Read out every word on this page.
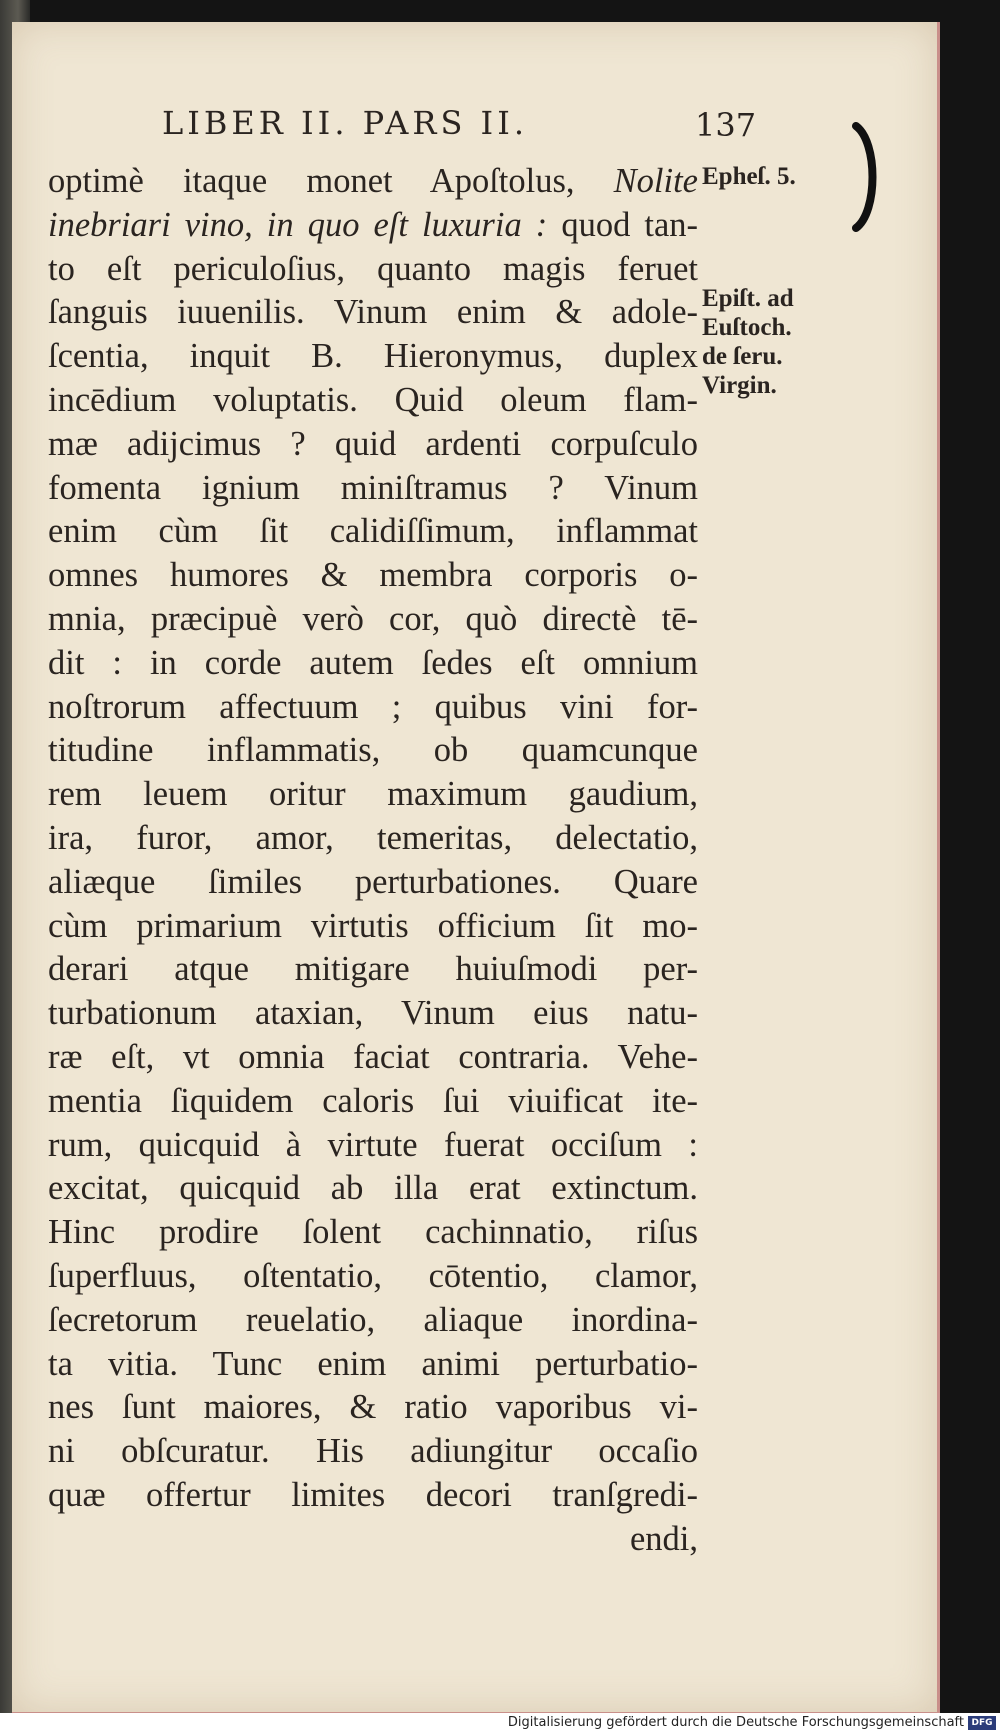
LIBER II. PARS II.	137
optimè itaque monet Apoſtolus, Nolite
inebriari vino, in quo eſt luxuria : quod tan-
to eſt periculoſius, quanto magis feruet
ſanguis iuuenilis. Vinum enim & adole-
ſcentia, inquit B. Hieronymus, duplex
incēdium voluptatis. Quid oleum flam-
mæ adijcimus ? quid ardenti corpuſculo
fomenta ignium miniſtramus ? Vinum
enim cùm ſit calidiſſimum, inflammat
omnes humores & membra corporis o-
mnia, præcipuè verò cor, quò directè tē-
dit : in corde autem ſedes eſt omnium
noſtrorum affectuum ; quibus vini for-
titudine inflammatis, ob quamcunque
rem leuem oritur maximum gaudium,
ira, furor, amor, temeritas, delectatio,
aliæque ſimiles perturbationes. Quare
cùm primarium virtutis officium ſit mo-
derari atque mitigare huiuſmodi per-
turbationum ataxian, Vinum eius natu-
ræ eſt, vt omnia faciat contraria. Vehe-
mentia ſiquidem caloris ſui viuificat ite-
rum, quicquid à virtute fuerat occiſum :
excitat, quicquid ab illa erat extinctum.
Hinc prodire ſolent cachinnatio, riſus
ſuperfluus, oſtentatio, cōtentio, clamor,
ſecretorum reuelatio, aliaque inordina-
ta vitia. Tunc enim animi perturbatio-
nes ſunt maiores, & ratio vaporibus vi-
ni obſcuratur. His adiungitur occaſio
quæ offertur limites decori tranſgredi-
endi,
Epheſ. 5.
Epiſt. ad
Euſtoch.
de ſeru.
Virgin.
Digitalisierung gefördert durch die Deutsche Forschungsgemeinschaft DFG
